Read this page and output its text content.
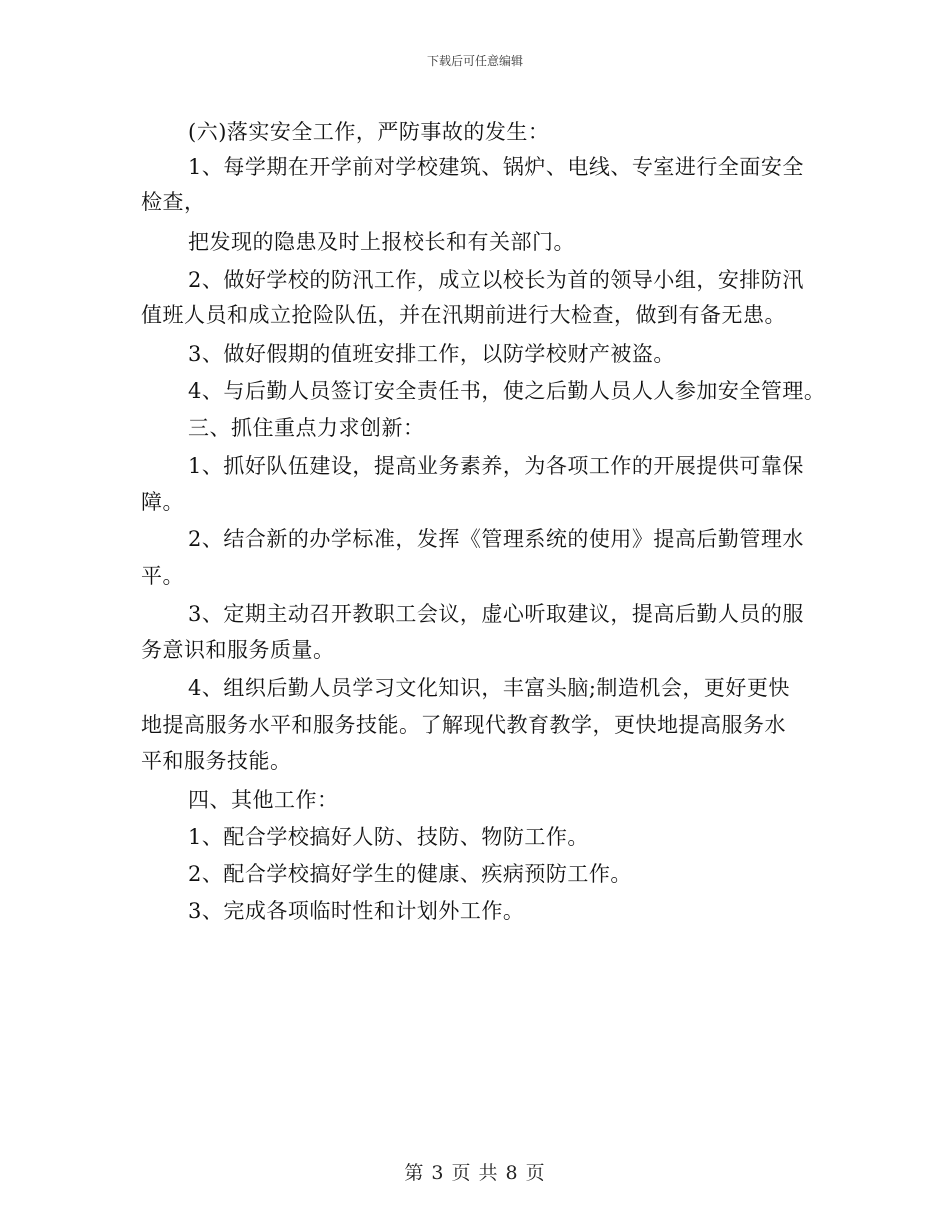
下载后可任意编辑
(六)落实安全工作，严防事故的发生：
1、每学期在开学前对学校建筑、锅炉、电线、专室进行全面安全
检查，
把发现的隐患及时上报校长和有关部门。
2、做好学校的防汛工作，成立以校长为首的领导小组，安排防汛
值班人员和成立抢险队伍，并在汛期前进行大检查，做到有备无患。
3、做好假期的值班安排工作，以防学校财产被盗。
4、与后勤人员签订安全责任书，使之后勤人员人人参加安全管理。
三、抓住重点力求创新：
1、抓好队伍建设，提高业务素养，为各项工作的开展提供可靠保
障。
2、结合新的办学标准，发挥《管理系统的使用》提高后勤管理水
平。
3、定期主动召开教职工会议，虚心听取建议，提高后勤人员的服
务意识和服务质量。
4、组织后勤人员学习文化知识，丰富头脑;制造机会，更好更快
地提高服务水平和服务技能。了解现代教育教学，更快地提高服务水
平和服务技能。
四、其他工作：
1、配合学校搞好人防、技防、物防工作。
2、配合学校搞好学生的健康、疾病预防工作。
3、完成各项临时性和计划外工作。
第 3 页 共 8 页
